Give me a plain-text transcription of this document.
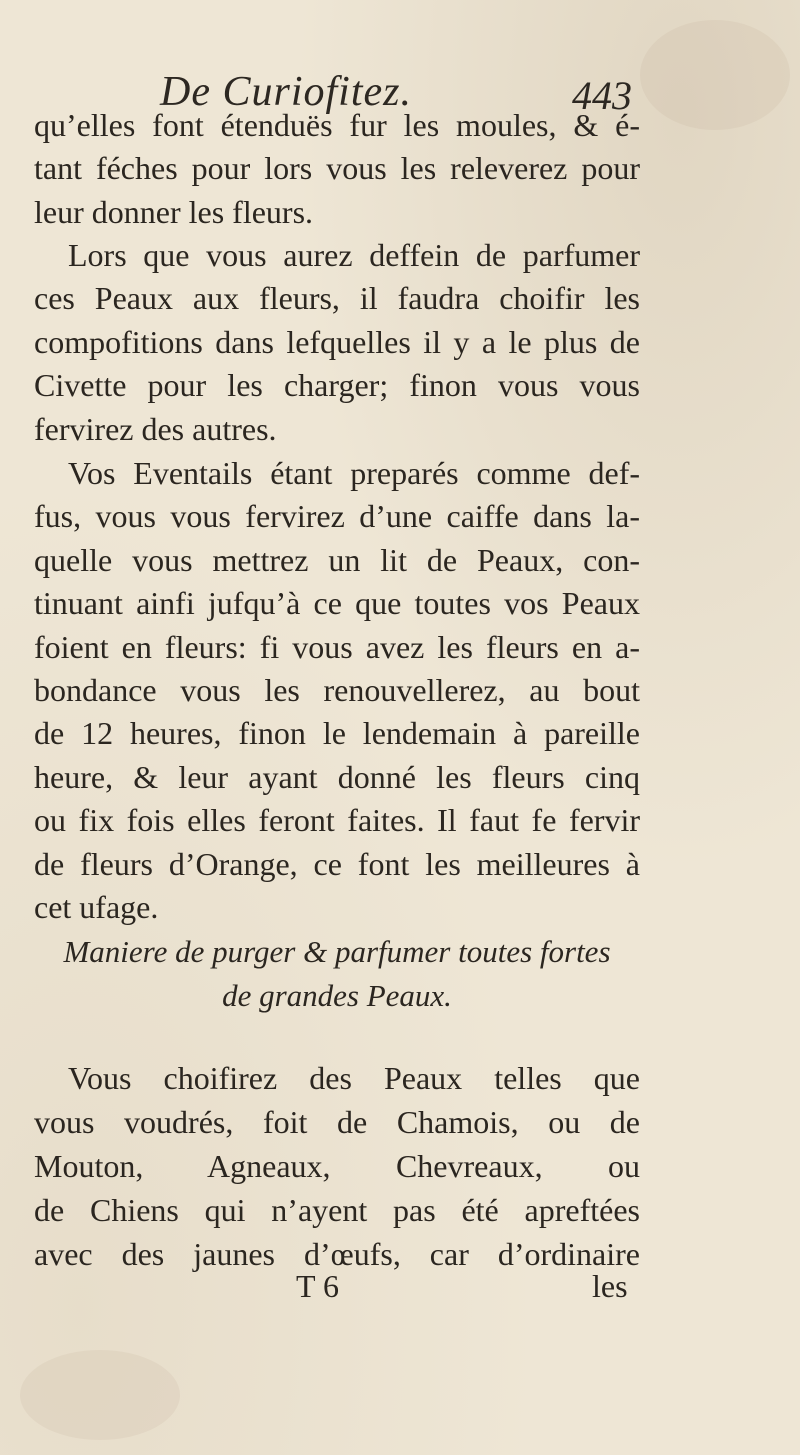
De Curiofitez.	443
qu’elles font étenduës fur les moules, & é-
tant féches pour lors vous les releverez pour
leur donner les fleurs.
Lors que vous aurez deffein de parfumer
ces Peaux aux fleurs, il faudra choifir les
compofitions dans lefquelles il y a le plus de
Civette pour les charger; finon vous vous
fervirez des autres.
Vos Eventails étant preparés comme def-
fus, vous vous fervirez d’une caiffe dans la-
quelle vous mettrez un lit de Peaux, con-
tinuant ainfi jufqu’à ce que toutes vos Peaux
foient en fleurs: fi vous avez les fleurs en a-
bondance vous les renouvellerez, au bout
de 12 heures, finon le lendemain à pareille
heure, & leur ayant donné les fleurs cinq
ou fix fois elles feront faites. Il faut fe fervir
de fleurs d’Orange, ce font les meilleures à
cet ufage.
Maniere de purger & parfumer toutes fortes
de grandes Peaux.
Vous choifirez des Peaux telles que
vous voudrés, foit de Chamois, ou de
Mouton, Agneaux, Chevreaux, ou
de Chiens qui n’ayent pas été apreftées
avec des jaunes d’œufs, car d’ordinaire
T 6	les
